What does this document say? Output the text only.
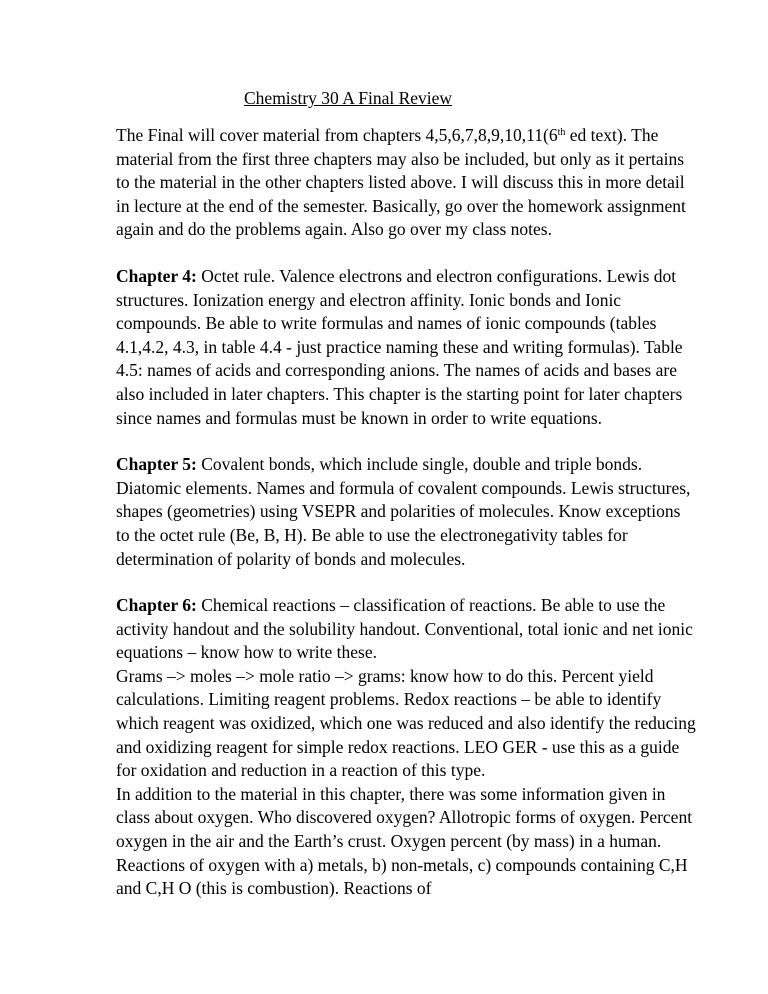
Chemistry 30 A Final Review

The Final will cover material from chapters 4,5,6,7,8,9,10,11(6th ed text). The material from the first three chapters may also be included, but only as it pertains to the material in the other chapters listed above. I will discuss this in more detail in lecture at the end of the semester. Basically, go over the homework assignment again and do the problems again. Also go over my class notes.

Chapter 4: Octet rule. Valence electrons and electron configurations. Lewis dot structures. Ionization energy and electron affinity. Ionic bonds and Ionic compounds. Be able to write formulas and names of ionic compounds (tables 4.1,4.2, 4.3, in table 4.4 - just practice naming these and writing formulas). Table 4.5: names of acids and corresponding anions. The names of acids and bases are also included in later chapters. This chapter is the starting point for later chapters since names and formulas must be known in order to write equations.

Chapter 5: Covalent bonds, which include single, double and triple bonds. Diatomic elements. Names and formula of covalent compounds. Lewis structures, shapes (geometries) using VSEPR and polarities of molecules. Know exceptions to the octet rule (Be, B, H). Be able to use the electronegativity tables for determination of polarity of bonds and molecules.

Chapter 6: Chemical reactions – classification of reactions. Be able to use the activity handout and the solubility handout. Conventional, total ionic and net ionic equations – know how to write these.

Grams –> moles –> mole ratio –> grams: know how to do this. Percent yield calculations. Limiting reagent problems. Redox reactions – be able to identify which reagent was oxidized, which one was reduced and also identify the reducing and oxidizing reagent for simple redox reactions. LEO GER - use this as a guide for oxidation and reduction in a reaction of this type.

In addition to the material in this chapter, there was some information given in class about oxygen. Who discovered oxygen? Allotropic forms of oxygen. Percent oxygen in the air and the Earth’s crust. Oxygen percent (by mass) in a human. Reactions of oxygen with a) metals, b) non-metals, c) compounds containing C,H and C,H O (this is combustion). Reactions of
